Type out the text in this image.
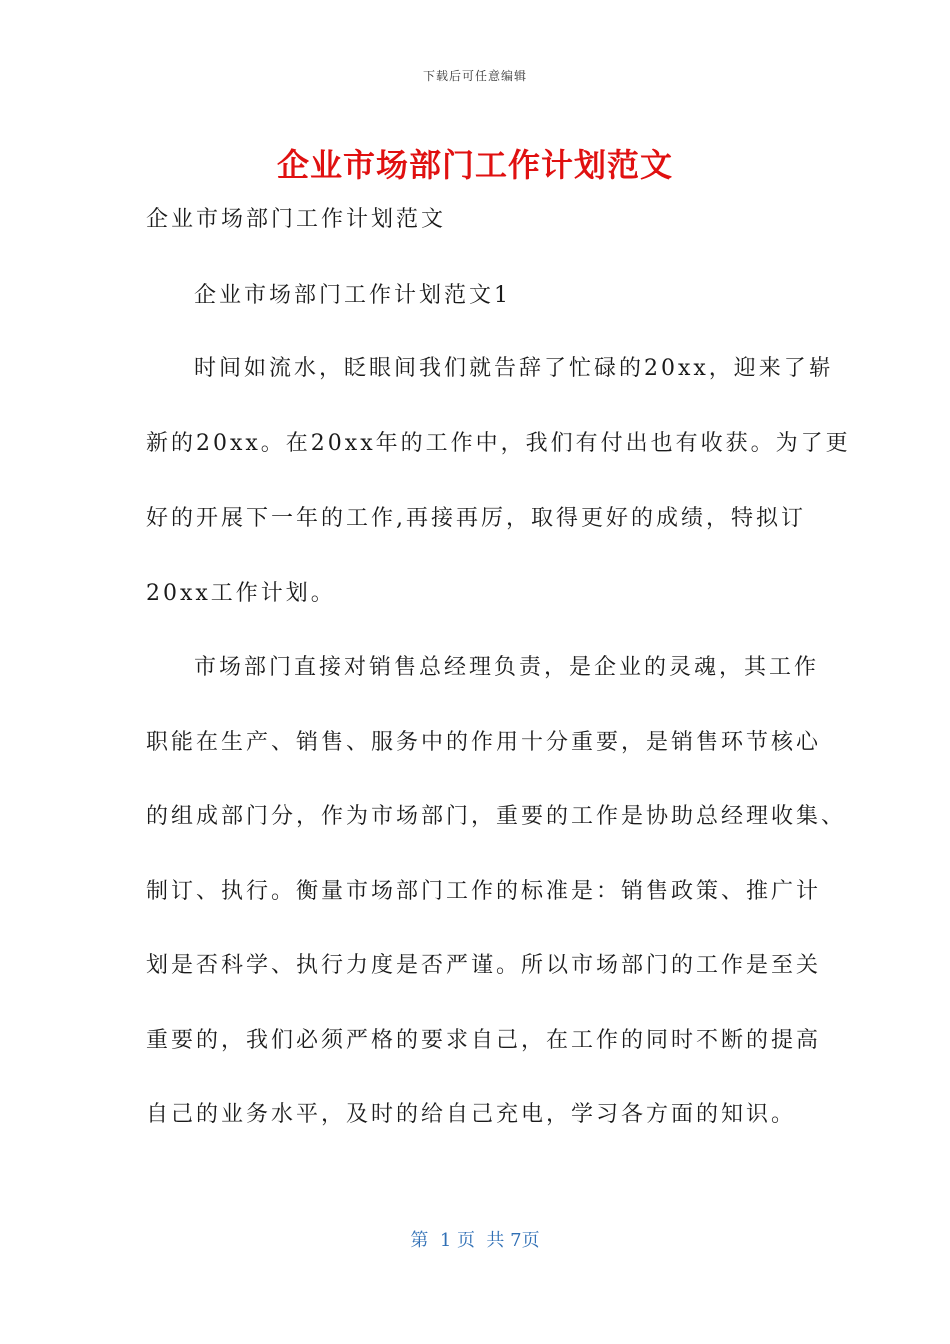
下载后可任意编辑
企业市场部门工作计划范文
企业市场部门工作计划范文
企业市场部门工作计划范文1
时间如流水，眨眼间我们就告辞了忙碌的20xx，迎来了崭
新的20xx。在20xx年的工作中，我们有付出也有收获。为了更
好的开展下一年的工作,再接再厉，取得更好的成绩，特拟订
20xx工作计划。
市场部门直接对销售总经理负责，是企业的灵魂，其工作
职能在生产、销售、服务中的作用十分重要，是销售环节核心
的组成部门分，作为市场部门，重要的工作是协助总经理收集、
制订、执行。衡量市场部门工作的标准是：销售政策、推广计
划是否科学、执行力度是否严谨。所以市场部门的工作是至关
重要的，我们必须严格的要求自己，在工作的同时不断的提高
自己的业务水平，及时的给自己充电，学习各方面的知识。
第  1 页  共 7页
